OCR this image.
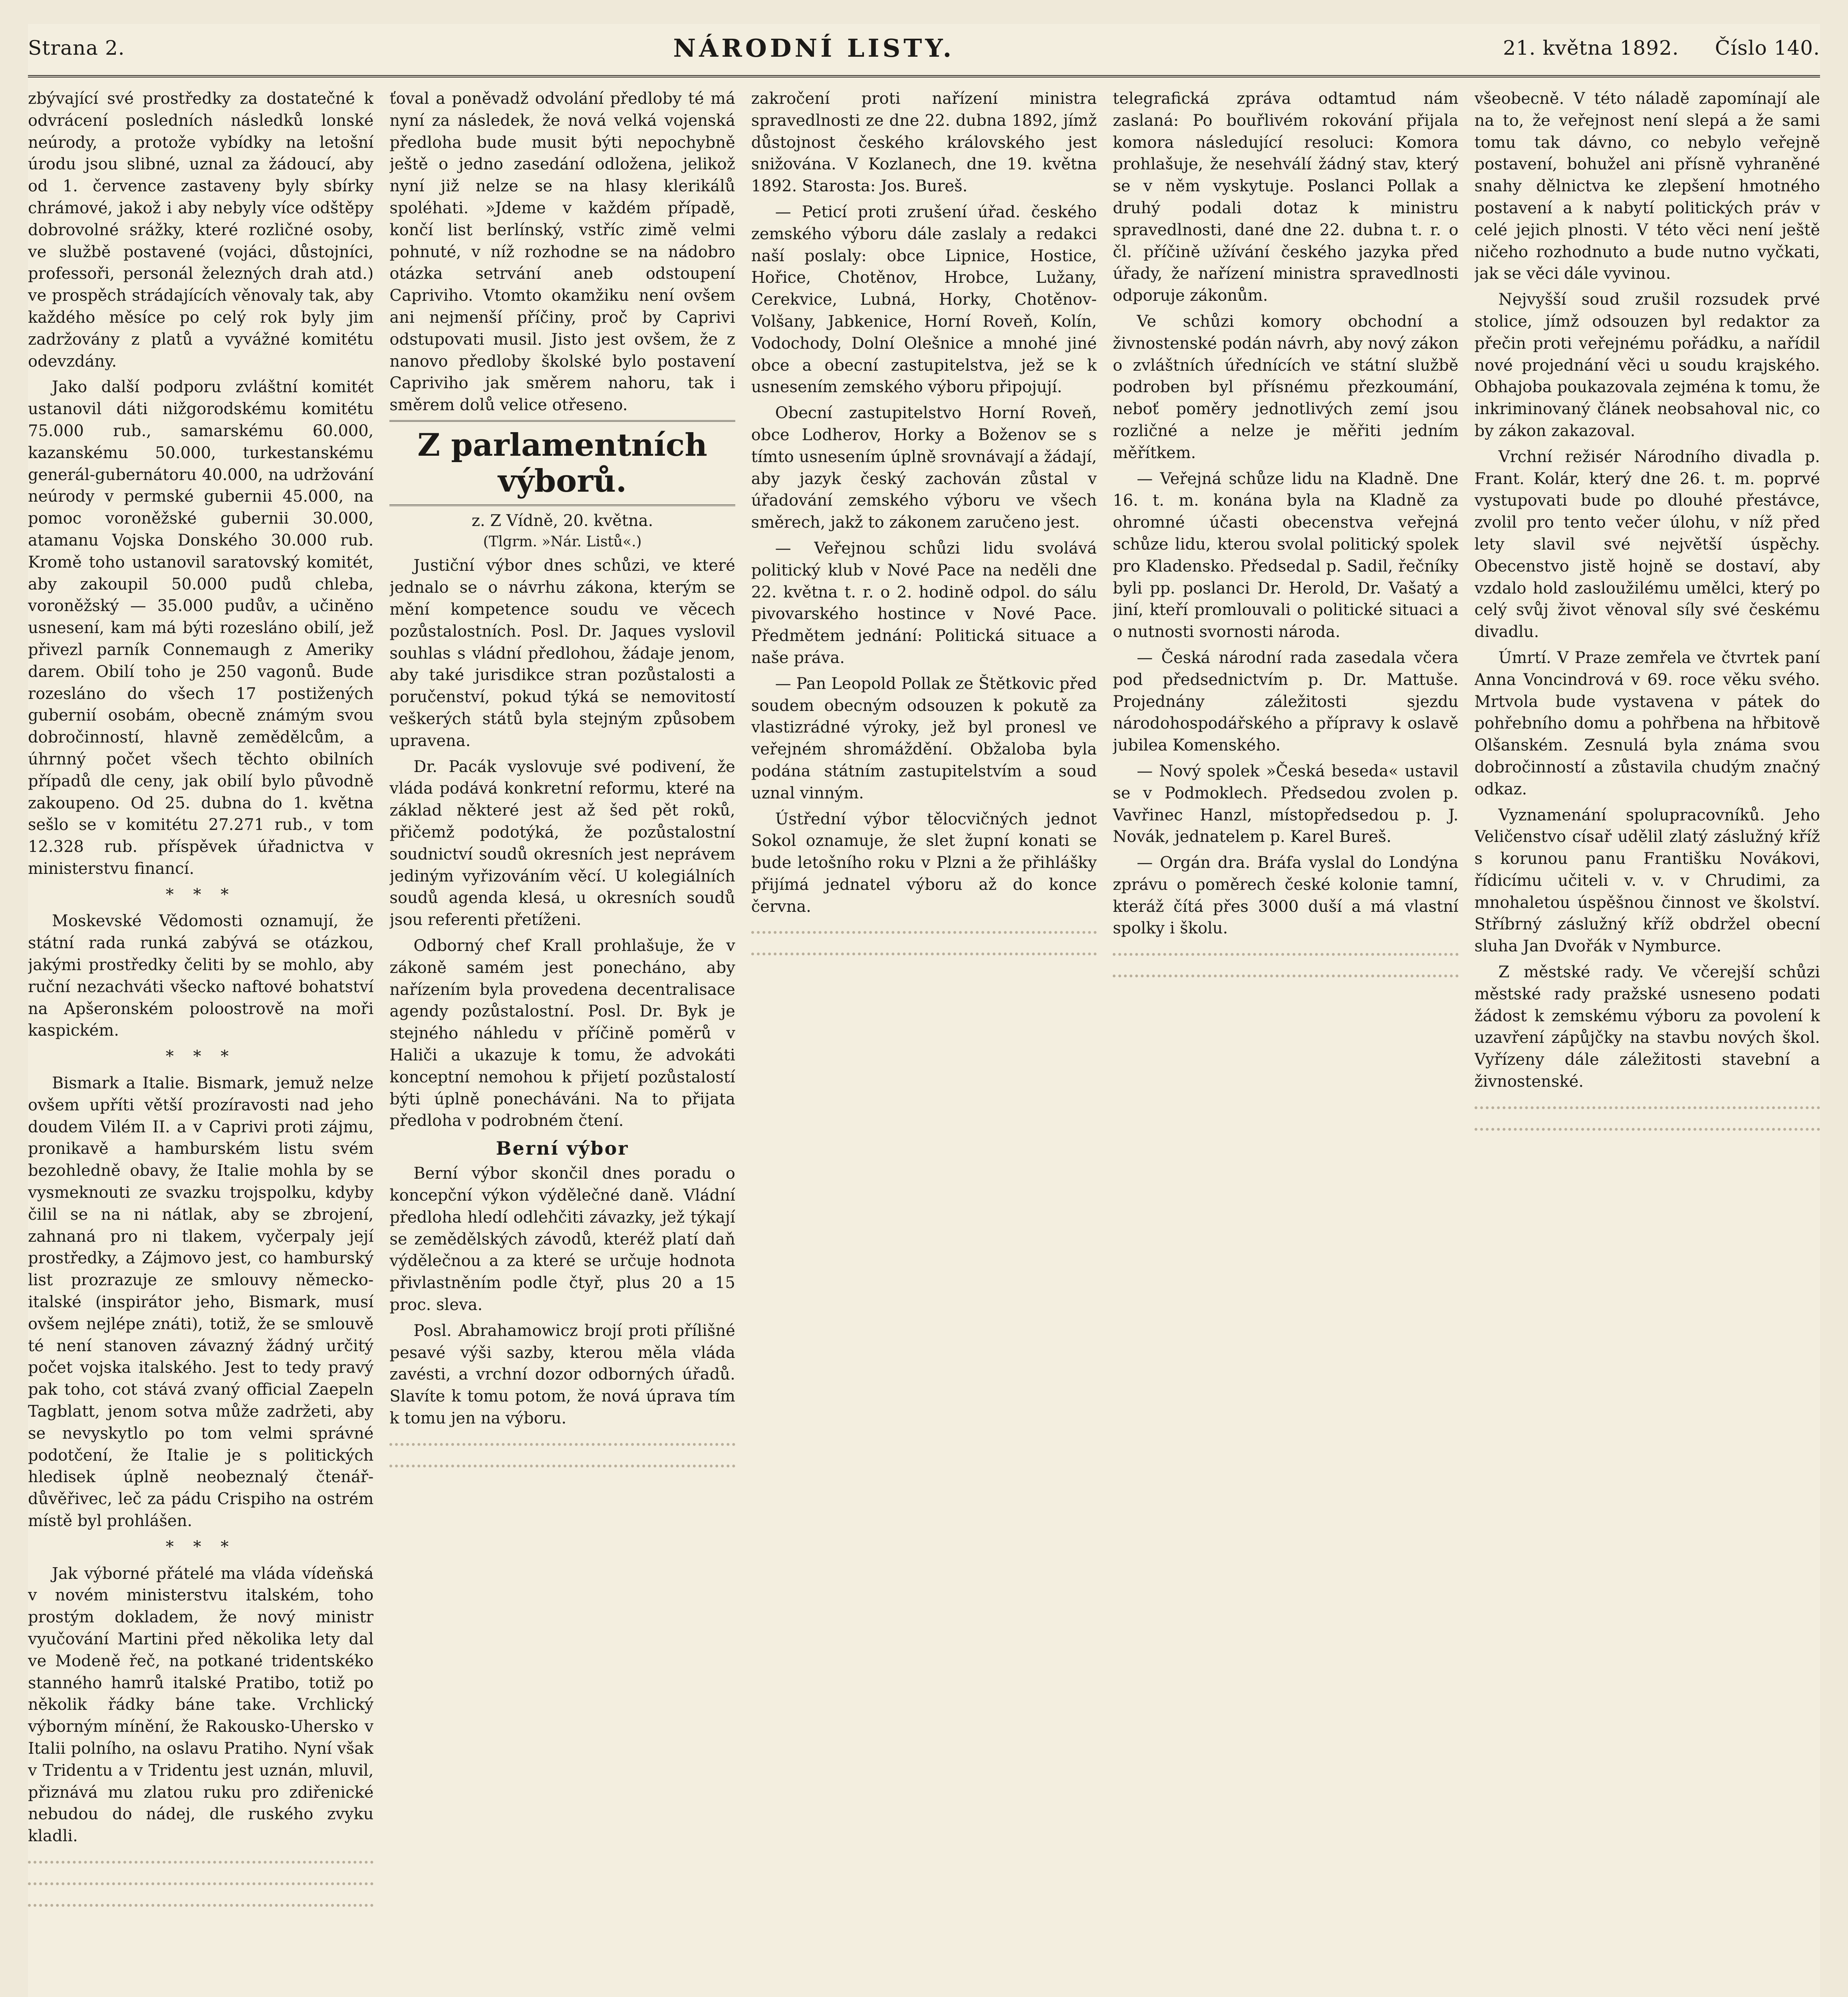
Strana 2.	NÁRODNÍ LISTY.	21. května 1892. Číslo 140.

zbývající své prostředky za dostatečné k odvrácení posledních následků lonské neúrody, a protože vybídky na letošní úrodu jsou slibné, uznal za žádoucí, aby od 1. července zastaveny byly sbírky chrámové, jakož i aby nebyly více odštěpy dobrovolné srážky, které rozličné osoby, ve službě postavené (vojáci, důstojníci, professoři, personál železných drah atd.) ve prospěch strádajících věnovaly tak, aby každého měsíce po celý rok byly jim zadržovány z platů a vyvážné komitétu odevzdány.

Jako další podporu zvláštní komitét ustanovil dáti nižgorodskému komitétu 75.000 rub., samarskému 60.000, kazanskému 50.000, turkestanskému generál-gubernátoru 40.000, na udržování neúrody v permské gubernii 45.000, na pomoc voroněžské gubernii 30.000, atamanu Vojska Donského 30.000 rub. Kromě toho ustanovil saratovský komitét, aby zakoupil 50.000 pudů chleba, voroněžský — 35.000 pudův, a učiněno usnesení, kam má býti rozesláno obilí, jež přivezl parník Connemaugh z Ameriky darem. Obilí toho je 250 vagonů. Bude rozesláno do všech 17 postižených gubernií osobám, obecně známým svou dobročinností, hlavně zemědělcům, a úhrnný počet všech těchto obilních případů dle ceny, jak obilí bylo původně zakoupeno. Od 25. dubna do 1. května sešlo se v komitétu 27.271 rub., v tom 12.328 rub. příspěvek úřadnictva v ministerstvu financí.

* * *

Moskevské Vědomosti oznamují, že státní rada runká zabývá se otázkou, jakými prostředky čeliti by se mohlo, aby ruční nezachváti všecko naftové bohatství na Apšeronském poloostrově na moři kaspickém.

* * *

Bismark a Italie. Bismark, jemuž nelze ovšem upříti větší prozíravosti nad jeho doudem Vilém II. a v Caprivi proti zájmu, pronikavě a hamburském listu svém bezohledně obavy, že Italie mohla by se vysmeknouti ze svazku trojspolku, kdyby čilil se na ni nátlak, aby se zbrojení, zahnaná pro ni tlakem, vyčerpaly její prostředky, a Zájmovo jest, co hamburský list prozrazuje ze smlouvy německo-italské (inspirátor jeho, Bismark, musí ovšem nejlépe znáti), totiž, že se smlouvě té není stanoven závazný žádný určitý počet vojska italského. Jest to tedy pravý pak toho, cot stává zvaný official Zaepeln Tagblatt, jenom sotva může zadržeti, aby se nevyskytlo po tom velmi správné podotčení, že Italie je s politických hledisek úplně neobeznalý čtenář-důvěřivec, leč za pádu Crispiho na ostrém místě byl prohlášen.

* * *

Jak výborné přátelé ma vláda vídeňská v novém ministerstvu italském, toho prostým dokladem, že nový ministr vyučování Martini před několika lety dal ve Modeně řeč, na potkané tridentskéko stanného hamrů italské Pratibo, totiž po několik řádky báne take. Vrchlický výborným mínění, že Rakousko-Uhersko v Italii polního, na oslavu Pratiho. Nyní však v Tridentu a v Tridentu jest uznán, mluvil, přiznává mu zlatou ruku pro zdiřenické nebudou do nádej, dle ruského zvyku kladli.

ťoval a poněvadž odvolání předloby té má nyní za následek, že nová velká vojenská předloha bude musit býti nepochybně ještě o jedno zasedání odložena, jelikož nyní již nelze se na hlasy klerikálů spoléhati. »Jdeme v každém případě, končí list berlínský, vstříc zimě velmi pohnuté, v níž rozhodne se na nádobro otázka setrvání aneb odstoupení Capriviho. Vtomto okamžiku není ovšem ani nejmenší příčiny, proč by Caprivi odstupovati musil. Jisto jest ovšem, že z nanovo předloby školské bylo postavení Capriviho jak směrem nahoru, tak i směrem dolů velice otřeseno.

Z parlamentních výborů.
z. Z Vídně, 20. května.
(Tlgrm. »Nár. Listů«.)

Justiční výbor dnes schůzi, ve které jednalo se o návrhu zákona, kterým se mění kompetence soudu ve věcech pozůstalostních. Posl. Dr. Jaques vyslovil souhlas s vládní předlohou, žádaje jenom, aby také jurisdikce stran pozůstalosti a poručenství, pokud týká se nemovitostí veškerých států byla stejným způsobem upravena.

Dr. Pacák vyslovuje své podivení, že vláda podává konkretní reformu, které na základ některé jest až šed pět roků, přičemž podotýká, že pozůstalostní soudnictví soudů okresních jest neprávem jediným vyřizováním věcí. U kolegiálních soudů agenda klesá, u okresních soudů jsou referenti přetíženi.

Odborný chef Krall prohlašuje, že v zákoně samém jest ponecháno, aby nařízením byla provedena decentralisace agendy pozůstalostní. Posl. Dr. Byk je stejného náhledu v příčině poměrů v Haliči a ukazuje k tomu, že advokáti konceptní nemohou k přijetí pozůstalostí býti úplně ponecháváni. Na to přijata předloha v podrobném čtení.

Berní výbor

Berní výbor skončil dnes poradu o koncepční výkon výdělečné daně. Vládní předloha hledí odlehčiti závazky, jež týkají se zemědělských závodů, kteréž platí daň výdělečnou a za které se určuje hodnota přivlastněním podle čtyř, plus 20 a 15 proc. sleva.

Posl. Abrahamowicz brojí proti přílišné pesavé výši sazby, kterou měla vláda zavésti, a vrchní dozor odborných úřadů. Slavíte k tomu potom, že nová úprava tím k tomu jen na výboru.

zakročení proti nařízení ministra spravedlnosti ze dne 22. dubna 1892, jímž důstojnost českého královského jest snižována. V Kozlanech, dne 19. května 1892. Starosta: Jos. Bureš.

— Peticí proti zrušení úřad. českého zemského výboru dále zaslaly a redakci naší poslaly: obce Lipnice, Hostice, Hořice, Chotěnov, Hrobce, Lužany, Cerekvice, Lubná, Horky, Chotěnov-Volšany, Jabkenice, Horní Roveň, Kolín, Vodochody, Dolní Olešnice a mnohé jiné obce a obecní zastupitelstva, jež se k usnesením zemského výboru připojují.

Obecní zastupitelstvo Horní Roveň, obce Lodherov, Horky a Boženov se s tímto usnesením úplně srovnávají a žádají, aby jazyk český zachován zůstal v úřadování zemského výboru ve všech směrech, jakž to zákonem zaručeno jest.

— Veřejnou schůzi lidu svolává politický klub v Nové Pace na neděli dne 22. května t. r. o 2. hodině odpol. do sálu pivovarského hostince v Nové Pace. Předmětem jednání: Politická situace a naše práva.

— Pan Leopold Pollak ze Štětkovic před soudem obecným odsouzen k pokutě za vlastizrádné výroky, jež byl pronesl ve veřejném shromáždění. Obžaloba byla podána státním zastupitelstvím a soud uznal vinným.

Ústřední výbor tělocvičných jednot Sokol oznamuje, že slet župní konati se bude letošního roku v Plzni a že přihlášky přijímá jednatel výboru až do konce června.

telegrafická zpráva odtamtud nám zaslaná: Po bouřlivém rokování přijala komora následující resoluci: Komora prohlašuje, že nesehválí žádný stav, který se v něm vyskytuje. Poslanci Pollak a druhý podali dotaz k ministru spravedlnosti, dané dne 22. dubna t. r. o čl. příčině užívání českého jazyka před úřady, že nařízení ministra spravedlnosti odporuje zákonům.

Ve schůzi komory obchodní a živnostenské podán návrh, aby nový zákon o zvláštních úřednících ve státní službě podroben byl přísnému přezkoumání, neboť poměry jednotlivých zemí jsou rozličné a nelze je měřiti jedním měřítkem.

— Veřejná schůze lidu na Kladně. Dne 16. t. m. konána byla na Kladně za ohromné účasti obecenstva veřejná schůze lidu, kterou svolal politický spolek pro Kladensko. Předsedal p. Sadil, řečníky byli pp. poslanci Dr. Herold, Dr. Vašatý a jiní, kteří promlouvali o politické situaci a o nutnosti svornosti národa.

— Česká národní rada zasedala včera pod předsednictvím p. Dr. Mattuše. Projednány záležitosti sjezdu národohospodářského a přípravy k oslavě jubilea Komenského.

— Nový spolek »Česká beseda« ustavil se v Podmoklech. Předsedou zvolen p. Vavřinec Hanzl, místopředsedou p. J. Novák, jednatelem p. Karel Bureš.

— Orgán dra. Bráfa vyslal do Londýna zprávu o poměrech české kolonie tamní, kteráž čítá přes 3000 duší a má vlastní spolky i školu.

všeobecně. V této náladě zapomínají ale na to, že veřejnost není slepá a že sami tomu tak dávno, co nebylo veřejně postavení, bohužel ani přísně vyhraněné snahy dělnictva ke zlepšení hmotného postavení a k nabytí politických práv v celé jejich plnosti. V této věci není ještě ničeho rozhodnuto a bude nutno vyčkati, jak se věci dále vyvinou.

Nejvyšší soud zrušil rozsudek prvé stolice, jímž odsouzen byl redaktor za přečin proti veřejnému pořádku, a nařídil nové projednání věci u soudu krajského. Obhajoba poukazovala zejména k tomu, že inkriminovaný článek neobsahoval nic, co by zákon zakazoval.

Vrchní režisér Národního divadla p. Frant. Kolár, který dne 26. t. m. poprvé vystupovati bude po dlouhé přestávce, zvolil pro tento večer úlohu, v níž před lety slavil své největší úspěchy. Obecenstvo jistě hojně se dostaví, aby vzdalo hold zasloužilému umělci, který po celý svůj život věnoval síly své českému divadlu.

Úmrtí. V Praze zemřela ve čtvrtek paní Anna Voncindrová v 69. roce věku svého. Mrtvola bude vystavena v pátek do pohřebního domu a pohřbena na hřbitově Olšanském. Zesnulá byla známa svou dobročinností a zůstavila chudým značný odkaz.

Vyznamenání spolupracovníků. Jeho Veličenstvo císař udělil zlatý záslužný kříž s korunou panu Františku Novákovi, řídicímu učiteli v. v. v Chrudimi, za mnohaletou úspěšnou činnost ve školství. Stříbrný záslužný kříž obdržel obecní sluha Jan Dvořák v Nymburce.

Z městské rady. Ve včerejší schůzi městské rady pražské usneseno podati žádost k zemskému výboru za povolení k uzavření zápůjčky na stavbu nových škol. Vyřízeny dále záležitosti stavební a živnostenské.
